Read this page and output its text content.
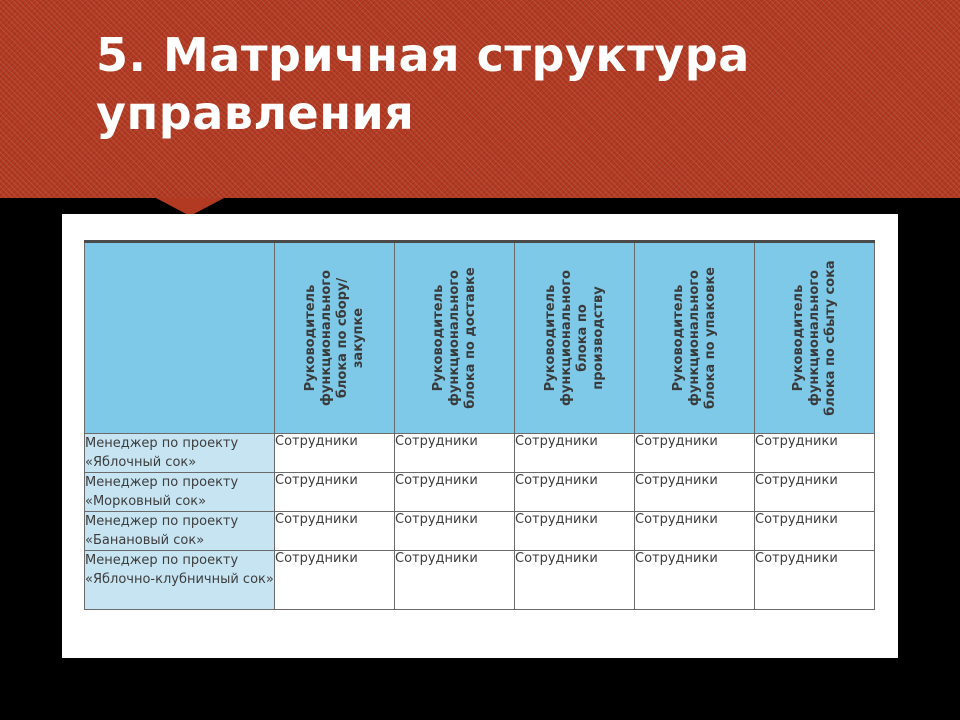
5. Матричная структура управления

	Руководитель функционального блока по сбору/закупке	Руководитель функционального блока по доставке	Руководитель функционального блока по производству	Руководитель функционального блока по упаковке	Руководитель функционального блока по сбыту сока

Менеджер по проекту «Яблочный сок»	Сотрудники	Сотрудники	Сотрудники	Сотрудники	Сотрудники
Менеджер по проекту «Морковный сок»	Сотрудники	Сотрудники	Сотрудники	Сотрудники	Сотрудники
Менеджер по проекту «Банановый сок»	Сотрудники	Сотрудники	Сотрудники	Сотрудники	Сотрудники
Менеджер по проекту «Яблочно-клубничный сок»	Сотрудники	Сотрудники	Сотрудники	Сотрудники	Сотрудники
